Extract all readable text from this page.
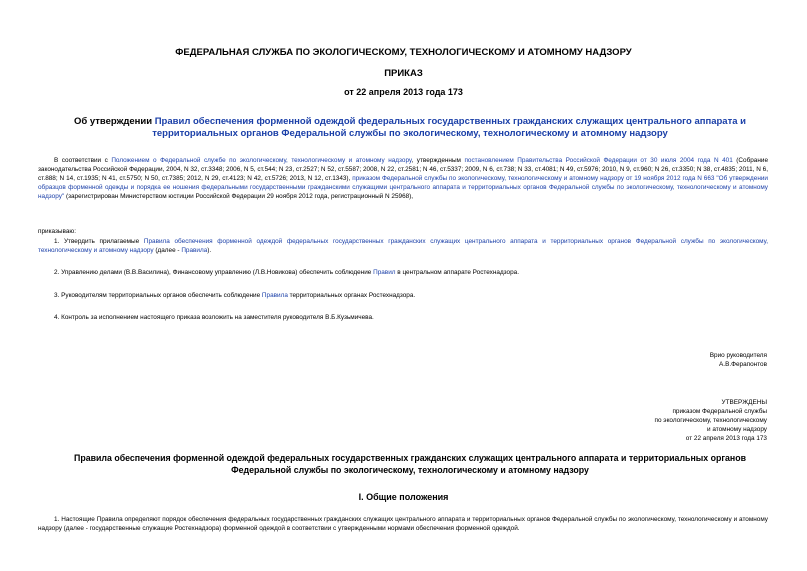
ФЕДЕРАЛЬНАЯ СЛУЖБА ПО ЭКОЛОГИЧЕСКОМУ, ТЕХНОЛОГИЧЕСКОМУ И АТОМНОМУ НАДЗОРУ
ПРИКАЗ
от 22 апреля 2013 года 173
Об утверждении Правил обеспечения форменной одеждой федеральных государственных гражданских служащих центрального аппарата и территориальных органов Федеральной службы по экологическому, технологическому и атомному надзору
В соответствии с Положением о Федеральной службе по экологическому, технологическому и атомному надзору, утвержденным постановлением Правительства Российской Федерации от 30 июля 2004 года N 401 (Собрание законодательства Российской Федерации, 2004, N 32, ст.3348; 2006, N 5, ст.544; N 23, ст.2527; N 52, ст.5587; 2008, N 22, ст.2581; N 46, ст.5337; 2009, N 6, ст.738; N 33, ст.4081; N 49, ст.5976; 2010, N 9, ст.960; N 26, ст.3350; N 38, ст.4835; 2011, N 6, ст.888; N 14, ст.1935; N 41, ст.5750; N 50, ст.7385; 2012, N 29, ст.4123; N 42, ст.5726; 2013, N 12, ст.1343), приказом Федеральной службы по экологическому, технологическому и атомному надзору от 19 ноября 2012 года N 663 "Об утверждении образцов форменной одежды и порядка ее ношения федеральными государственными гражданскими служащими центрального аппарата и территориальных органов Федеральной службы по экологическому, технологическому и атомному надзору" (зарегистрирован Министерством юстиции Российской Федерации 29 ноября 2012 года, регистрационный N 25968),
приказываю:
1. Утвердить прилагаемые Правила обеспечения форменной одеждой федеральных государственных гражданских служащих центрального аппарата и территориальных органов Федеральной службы по экологическому, технологическому и атомному надзору (далее - Правила).
2. Управлению делами (В.В.Василина), Финансовому управлению (Л.В.Новикова) обеспечить соблюдение Правил в центральном аппарате Ростехнадзора.
3. Руководителям территориальных органов обеспечить соблюдение Правила территориальных органах Ростехнадзора.
4. Контроль за исполнением настоящего приказа возложить на заместителя руководителя В.Б.Кузьмичева.
Врио руководителя
А.В.Ферапонтов
УТВЕРЖДЕНЫ
приказом Федеральной службы
по экологическому, технологическому
и атомному надзору
от 22 апреля 2013 года 173
Правила обеспечения форменной одеждой федеральных государственных гражданских служащих центрального аппарата и территориальных органов Федеральной службы по экологическому, технологическому и атомному надзору
I. Общие положения
1. Настоящие Правила определяют порядок обеспечения федеральных государственных гражданских служащих центрального аппарата и территориальных органов Федеральной службы по экологическому, технологическому и атомному надзору (далее - государственные служащие Ростехнадзора) форменной одеждой в соответствии с утвержденными нормами обеспечения форменной одеждой.
